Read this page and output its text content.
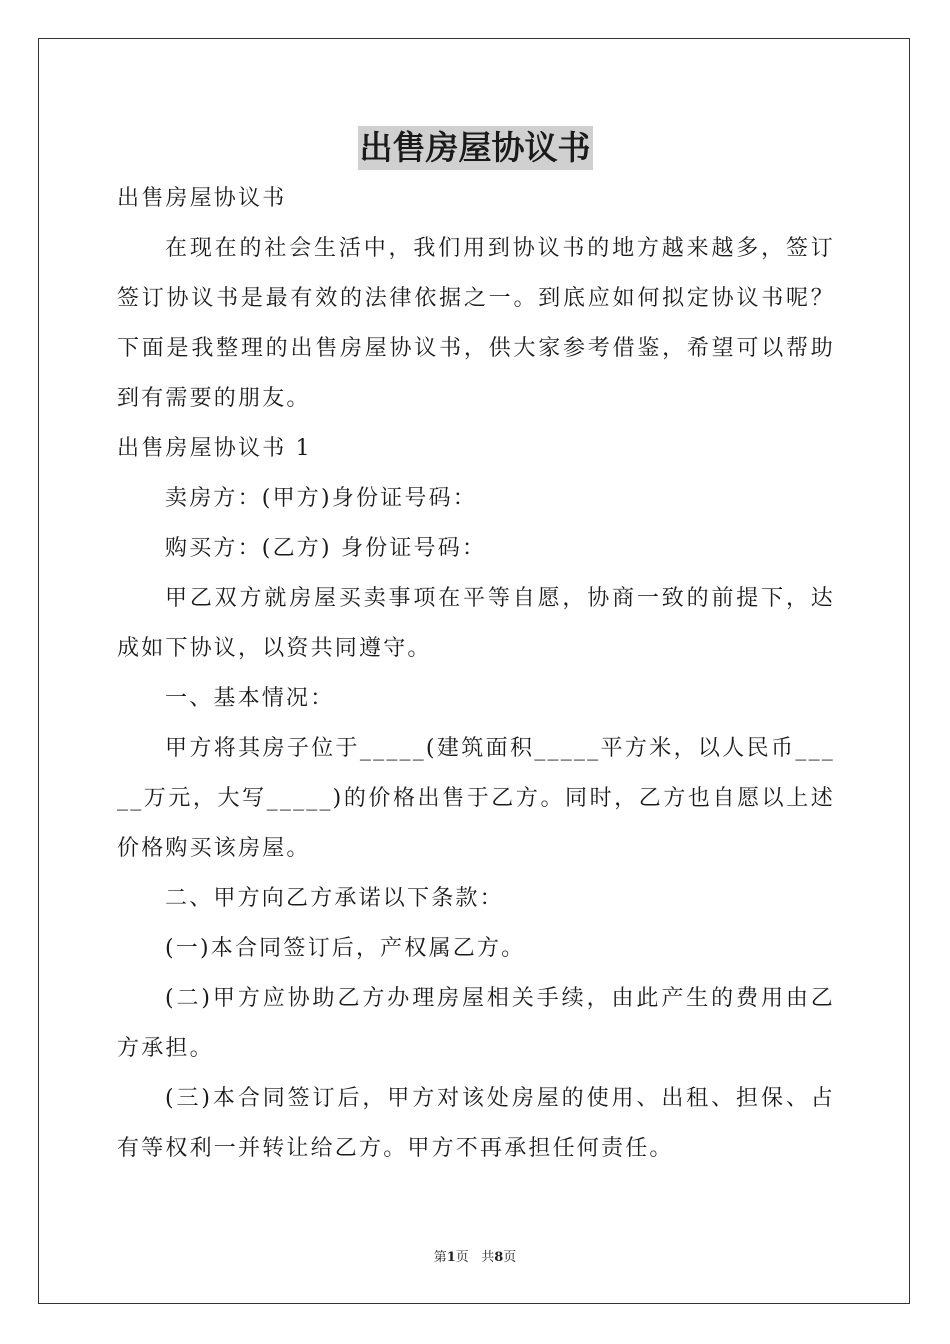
出售房屋协议书

出售房屋协议书

在现在的社会生活中，我们用到协议书的地方越来越多，签订签订协议书是最有效的法律依据之一。到底应如何拟定协议书呢？下面是我整理的出售房屋协议书，供大家参考借鉴，希望可以帮助到有需要的朋友。

出售房屋协议书 1

卖房方：(甲方)身份证号码：

购买方：(乙方) 身份证号码：

甲乙双方就房屋买卖事项在平等自愿，协商一致的前提下，达成如下协议，以资共同遵守。

一、基本情况：

甲方将其房子位于_____(建筑面积_____平方米，以人民币_____万元，大写_____)的价格出售于乙方。同时，乙方也自愿以上述价格购买该房屋。

二、甲方向乙方承诺以下条款：

(一)本合同签订后，产权属乙方。

(二)甲方应协助乙方办理房屋相关手续，由此产生的费用由乙方承担。

(三)本合同签订后，甲方对该处房屋的使用、出租、担保、占有等权利一并转让给乙方。甲方不再承担任何责任。

第1页 共8页
